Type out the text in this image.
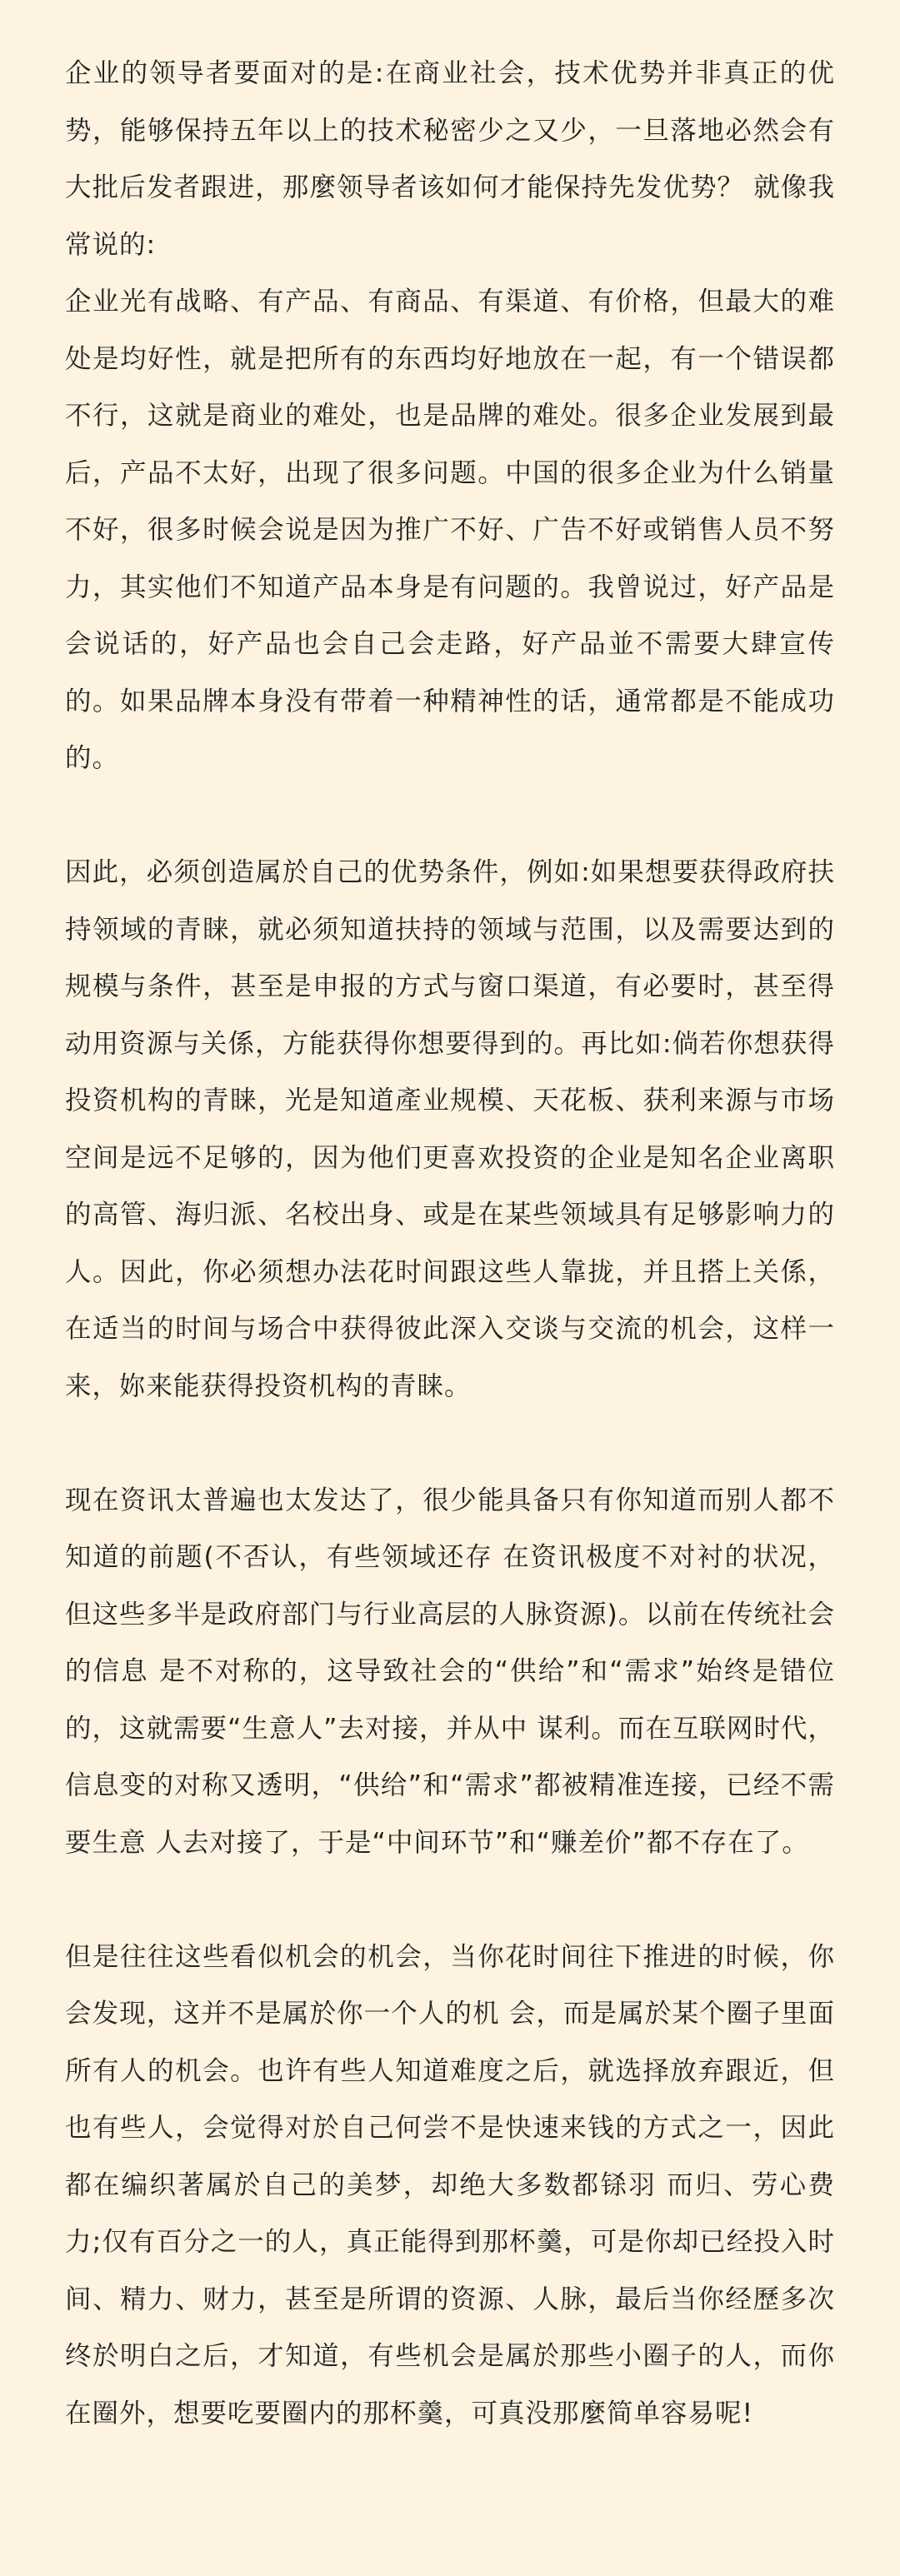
企业的领导者要面对的是:在商业社会，技术优势并非真正的优势，能够保持五年以上的技术秘密少之又少，一旦落地必然会有大批后发者跟进，那麼领导者该如何才能保持先发优势？ 就像我常说的:

企业光有战略、有产品、有商品、有渠道、有价格，但最大的难处是均好性，就是把所有的东西均好地放在一起，有一个错误都不行，这就是商业的难处，也是品牌的难处。很多企业发展到最后，产品不太好，出现了很多问题。中国的很多企业为什么销量不好，很多时候会说是因为推广不好、广告不好或销售人员不努力，其实他们不知道产品本身是有问题的。我曾说过，好产品是会说话的，好产品也会自己会走路，好产品並不需要大肆宣传的。如果品牌本身没有带着一种精神性的话，通常都是不能成功的。

因此，必须创造属於自己的优势条件，例如:如果想要获得政府扶持领域的青睐，就必须知道扶持的领域与范围，以及需要达到的规模与条件，甚至是申报的方式与窗口渠道，有必要时，甚至得动用资源与关係，方能获得你想要得到的。再比如:倘若你想获得投资机构的青睐，光是知道產业规模、天花板、获利来源与市场空间是远不足够的，因为他们更喜欢投资的企业是知名企业离职的高管、海归派、名校出身、或是在某些领域具有足够影响力的人。因此，你必须想办法花时间跟这些人靠拢，并且搭上关係，在适当的时间与场合中获得彼此深入交谈与交流的机会，这样一来，妳来能获得投资机构的青睐。

现在资讯太普遍也太发达了，很少能具备只有你知道而别人都不知道的前题(不否认，有些领域还存 在资讯极度不对衬的状况，但这些多半是政府部门与行业高层的人脉资源)。以前在传统社会的信息 是不对称的，这导致社会的“供给”和“需求”始终是错位的，这就需要“生意人”去对接，并从中 谋利。而在互联网时代，信息变的对称又透明，“供给”和“需求”都被精准连接，已经不需要生意 人去对接了，于是“中间环节”和“赚差价”都不存在了。

但是往往这些看似机会的机会，当你花时间往下推进的时候，你会发现，这并不是属於你一个人的机 会，而是属於某个圈子里面所有人的机会。也许有些人知道难度之后，就选择放弃跟近，但也有些人，会觉得对於自己何尝不是快速来钱的方式之一，因此都在编织著属於自己的美梦，却绝大多数都铩羽 而归、劳心费力;仅有百分之一的人，真正能得到那杯羹，可是你却已经投入时间、精力、财力，甚至是所谓的资源、人脉，最后当你经歷多次终於明白之后，才知道，有些机会是属於那些小圈子的人，而你在圈外，想要吃要圈内的那杯羹，可真没那麼简单容易呢!
